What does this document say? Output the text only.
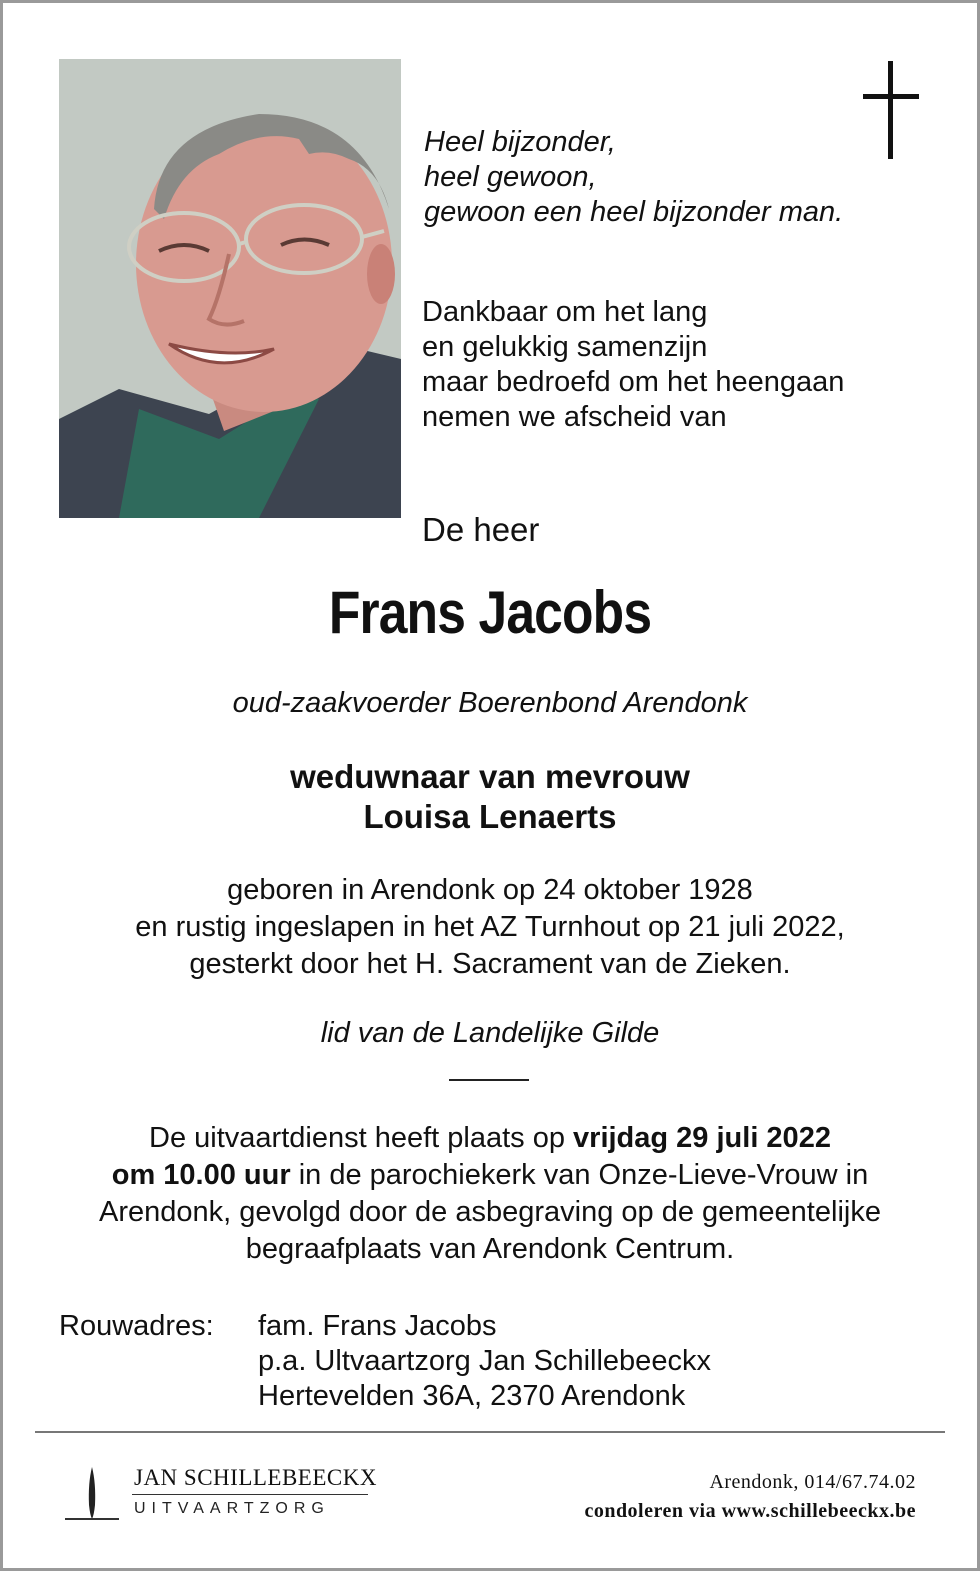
Heel bijzonder,
heel gewoon,
gewoon een heel bijzonder man.
Dankbaar om het lang
en gelukkig samenzijn
maar bedroefd om het heengaan
nemen we afscheid van
De heer
Frans Jacobs
oud-zaakvoerder Boerenbond Arendonk
weduwnaar van mevrouw
Louisa Lenaerts
geboren in Arendonk op 24 oktober 1928
en rustig ingeslapen in het AZ Turnhout op 21 juli 2022,
gesterkt door het H. Sacrament van de Zieken.
lid van de Landelijke Gilde
De uitvaartdienst heeft plaats op vrijdag 29 juli 2022
om 10.00 uur in de parochiekerk van Onze-Lieve-Vrouw in
Arendonk, gevolgd door de asbegraving op de gemeentelijke
begraafplaats van Arendonk Centrum.
Rouwadres: fam. Frans Jacobs
p.a. Ultvaartzorg Jan Schillebeeckx
Hertevelden 36A, 2370 Arendonk
JAN SCHILLEBEECKX
UITVAARTZORG
Arendonk, 014/67.74.02
condoleren via www.schillebeeckx.be
